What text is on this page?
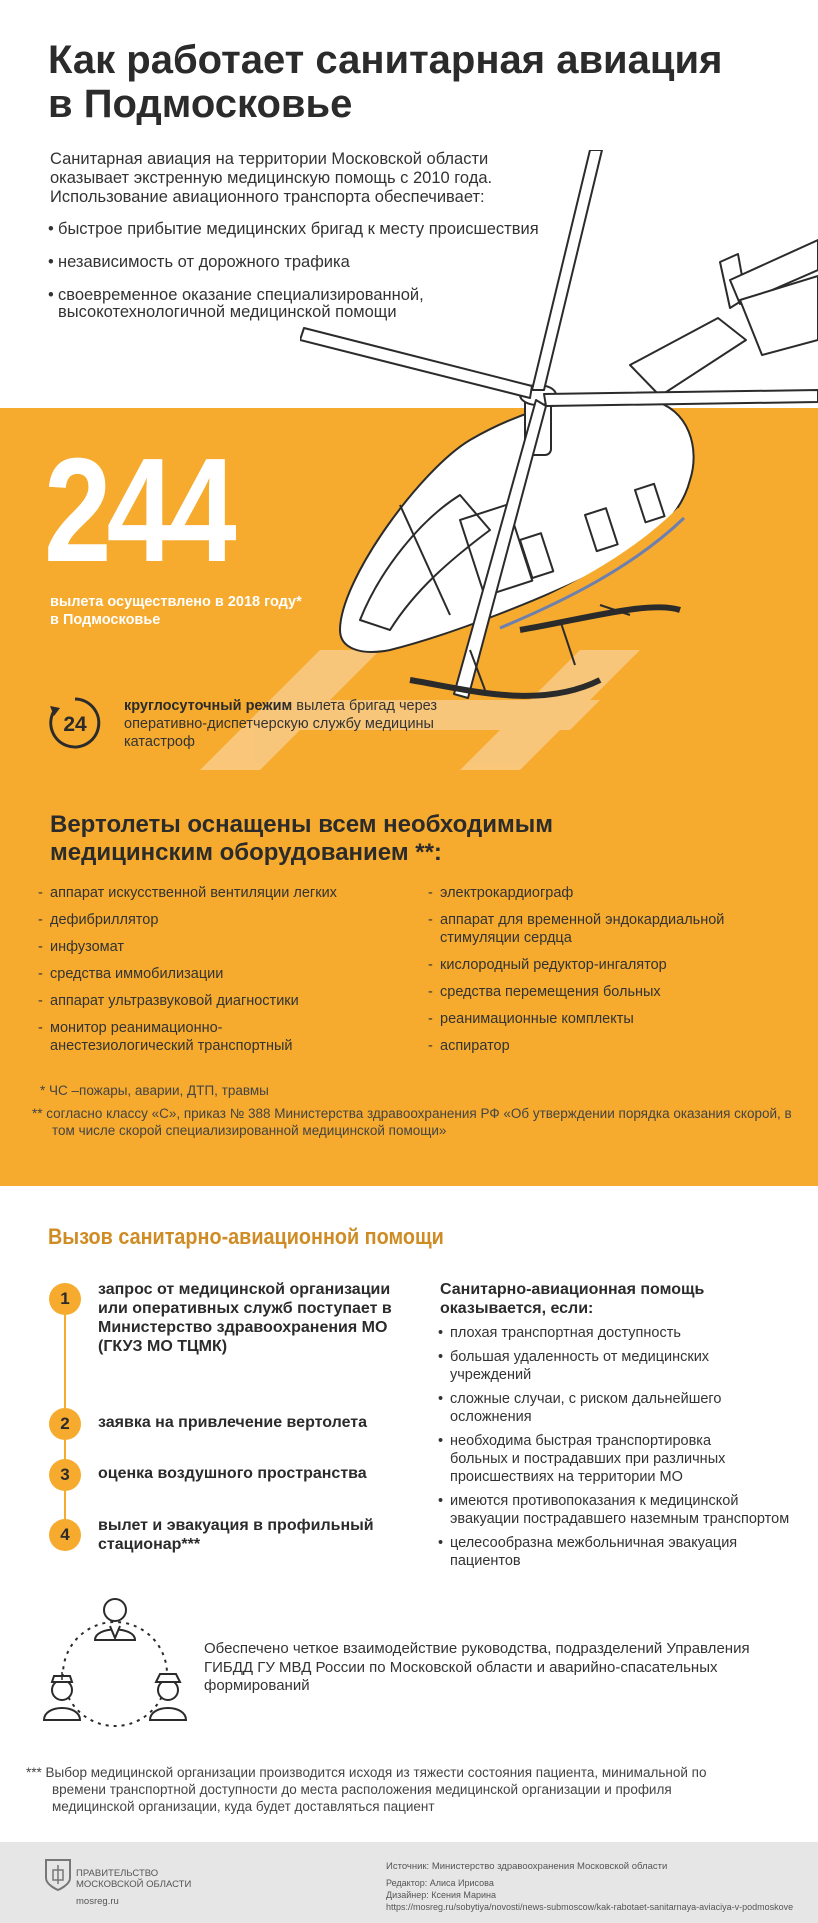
Как работает санитарная авиация
в Подмосковье
Санитарная авиация на территории Московской области оказывает экстренную медицинскую помощь с 2010 года. Использование авиационного транспорта обеспечивает:
• быстрое прибытие медицинских бригад к месту происшествия
• независимость от дорожного трафика
• своевременное оказание специализированной, высокотехнологичной медицинской помощи
244
вылета осуществлено в 2018 году* в Подмосковье
24
круглосуточный режим вылета бригад через оперативно-диспетчерскую службу медицины катастроф
Вертолеты оснащены всем необходимым медицинским оборудованием **:
- аппарат искусственной вентиляции легких
- дефибриллятор
- инфузомат
- средства иммобилизации
- аппарат ультразвуковой диагностики
- монитор реанимационно-анестезиологический транспортный
- электрокардиограф
- аппарат для временной эндокардиальной стимуляции сердца
- кислородный редуктор-ингалятор
- средства перемещения больных
- реанимационные комплекты
- аспиратор
* ЧС –пожары, аварии, ДТП, травмы
** согласно классу «С», приказ № 388 Министерства здравоохранения РФ «Об утверждении порядка оказания скорой, в том числе скорой специализированной медицинской помощи»
Вызов санитарно-авиационной помощи
1	запрос от медицинской организации или оперативных служб поступает в Министерство здравоохранения МО (ГКУЗ МО ТЦМК)
2	заявка на привлечение вертолета
3	оценка воздушного пространства
4	вылет и эвакуация в профильный стационар***
Санитарно-авиационная помощь оказывается, если:
• плохая транспортная доступность
• большая удаленность от медицинских учреждений
• сложные случаи, с риском дальнейшего осложнения
• необходима быстрая транспортировка больных и пострадавших при различных происшествиях на территории МО
• имеются противопоказания к медицинской эвакуации пострадавшего наземным транспортом
• целесообразна межбольничная эвакуация пациентов
Обеспечено четкое взаимодействие руководства, подразделений Управления ГИБДД ГУ МВД России по Московской области и аварийно-спасательных формирований
*** Выбор медицинской организации производится исходя из тяжести состояния пациента, минимальной по времени транспортной доступности до места расположения медицинской организации и профиля медицинской организации, куда будет доставляться пациент
ПРАВИТЕЛЬСТВО
МОСКОВСКОЙ ОБЛАСТИ
mosreg.ru
Источник: Министерство здравоохранения Московской области
Редактор: Алиса Ирисова
Дизайнер: Ксения Марина
https://mosreg.ru/sobytiya/novosti/news-submoscow/kak-rabotaet-sanitarnaya-aviaciya-v-podmoskove
